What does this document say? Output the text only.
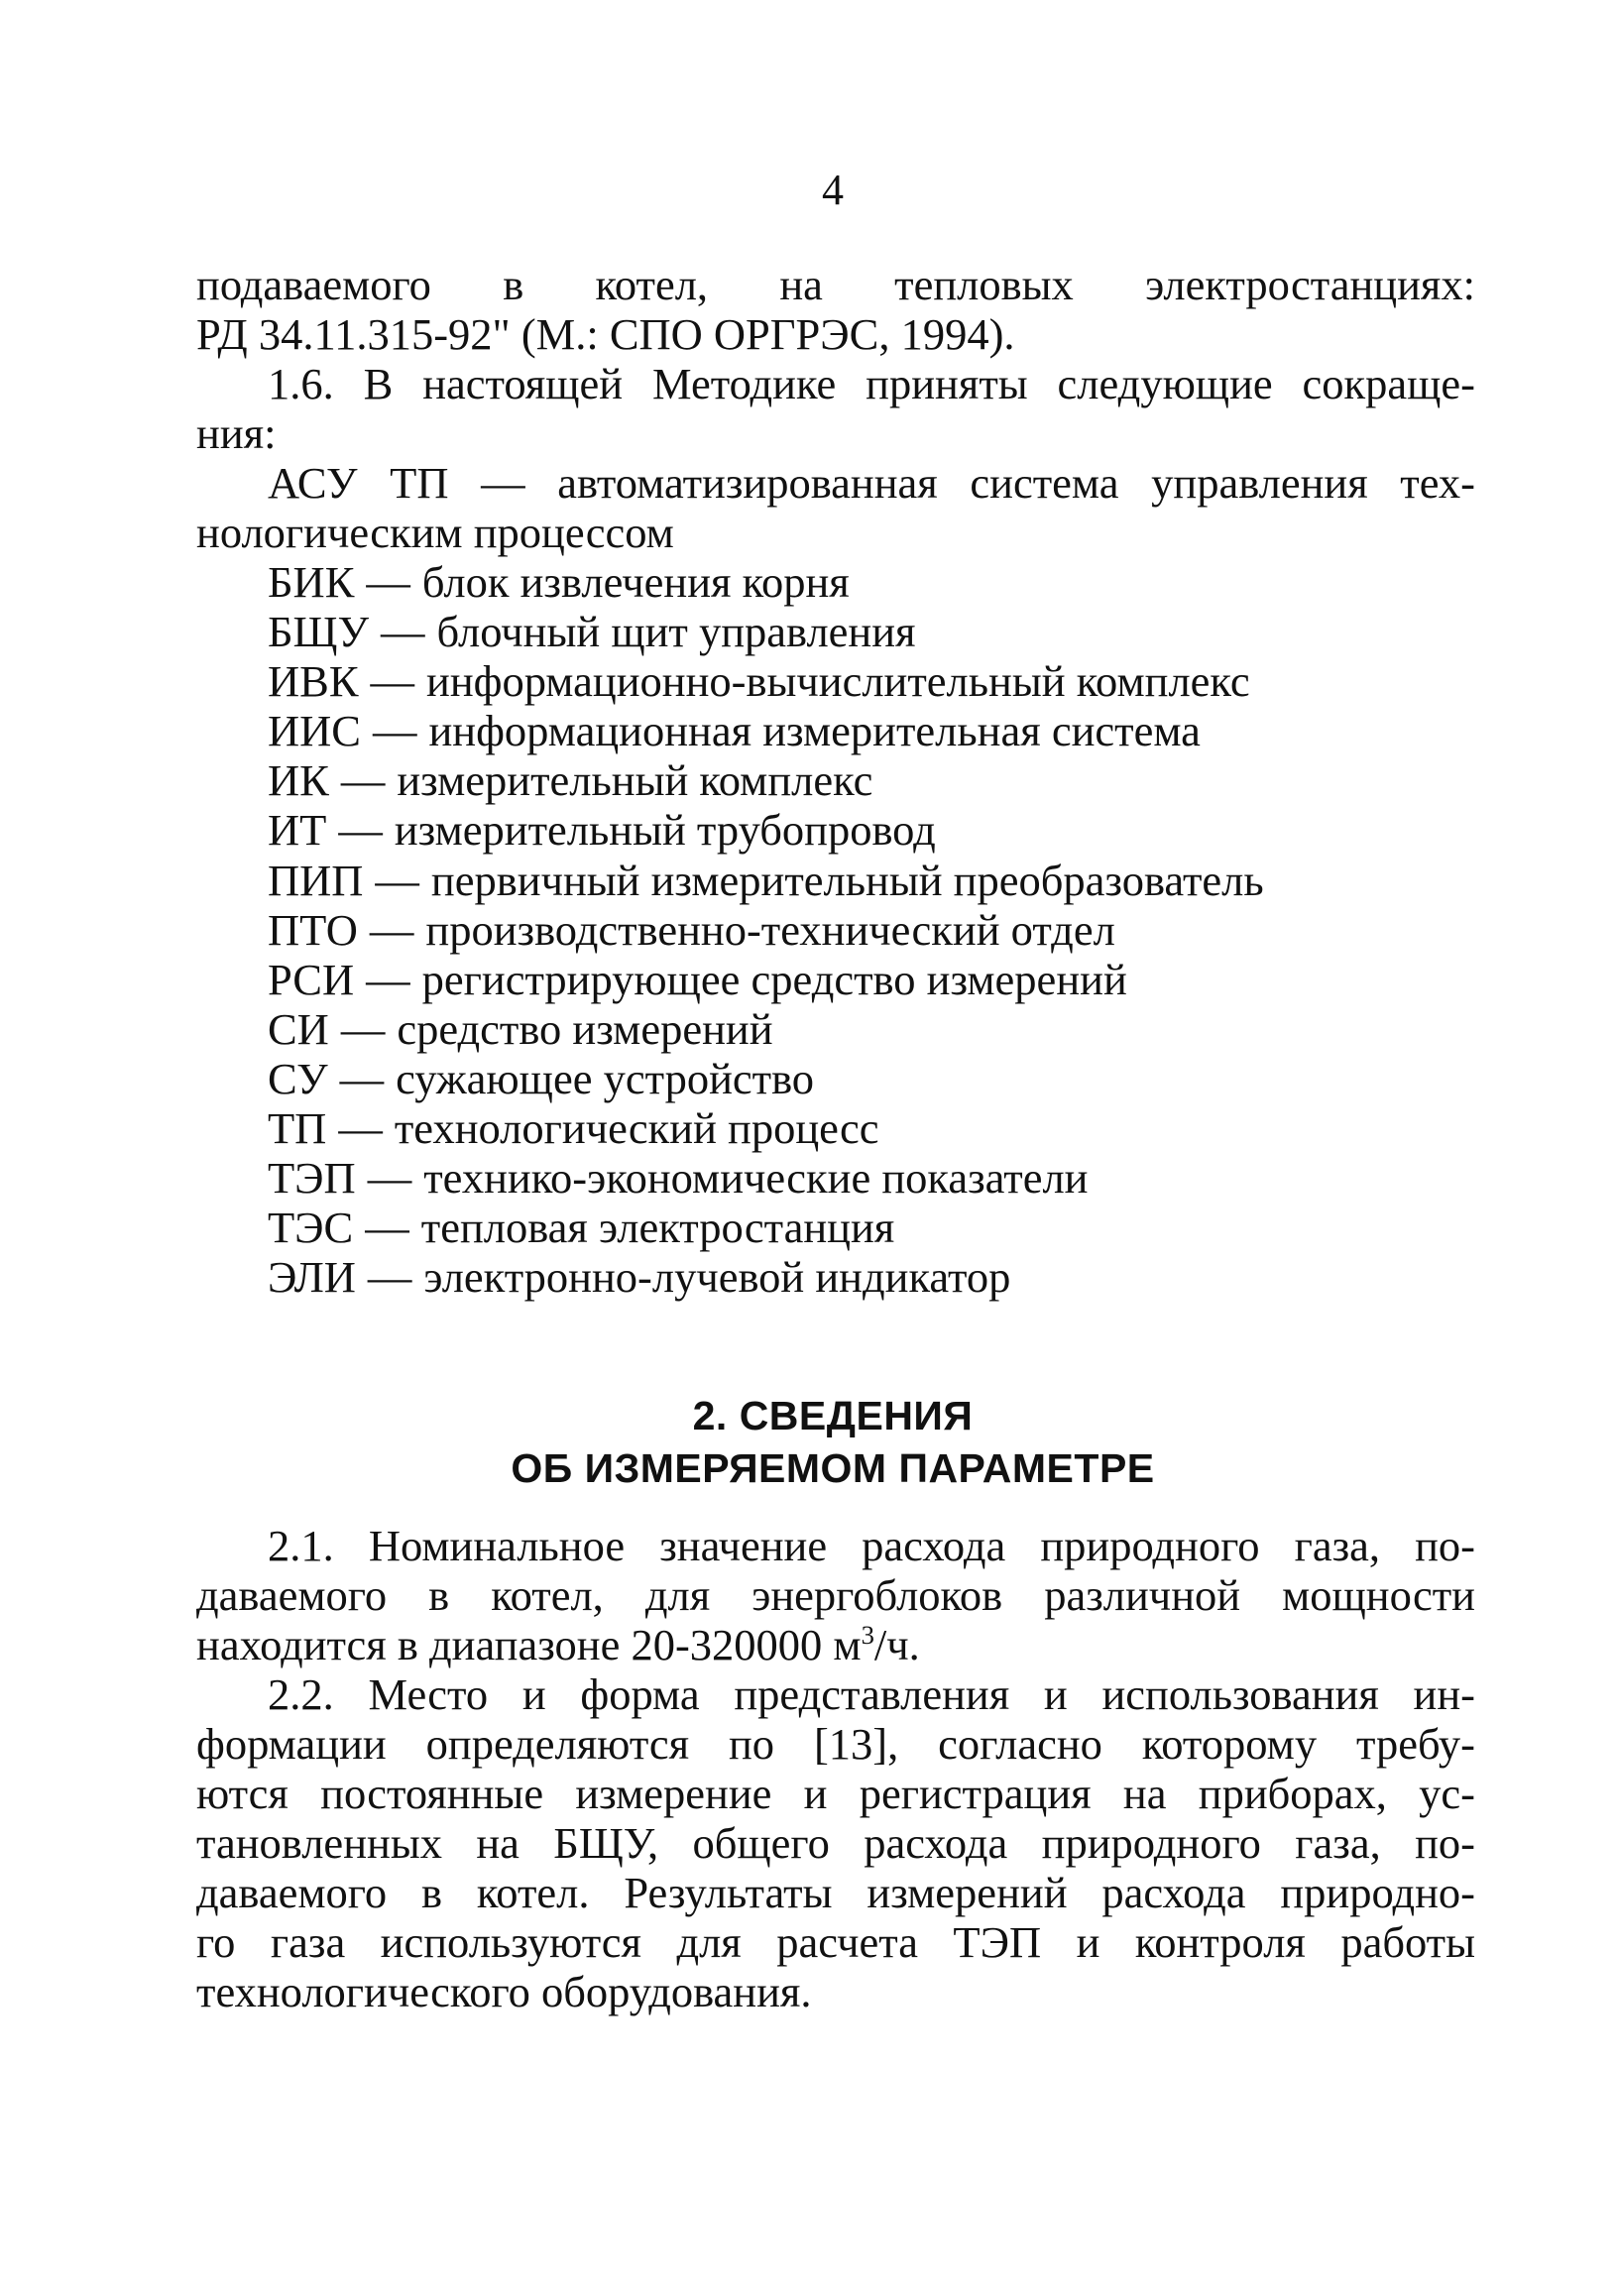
4

подаваемого в котел, на тепловых электростанциях:

РД 34.11.315-92" (М.: СПО ОРГРЭС, 1994).

1.6. В настоящей Методике приняты следующие сокраще-

ния:

АСУ ТП — автоматизированная система управления тех-

нологическим процессом

БИК — блок извлечения корня
БЩУ — блочный щит управления
ИВК — информационно-вычислительный комплекс
ИИС — информационная измерительная система
ИК — измерительный комплекс
ИТ — измерительный трубопровод
ПИП — первичный измерительный преобразователь
ПТО — производственно-технический отдел
РСИ — регистрирующее средство измерений
СИ — средство измерений
СУ — сужающее устройство
ТП — технологический процесс
ТЭП — технико-экономические показатели
ТЭС — тепловая электростанция
ЭЛИ — электронно-лучевой индикатор
2. СВЕДЕНИЯ
ОБ ИЗМЕРЯЕМОМ ПАРАМЕТРЕ

2.1. Номинальное значение расхода природного газа, по-

даваемого в котел, для энергоблоков различной мощности

находится в диапазоне 20-320000 $м^3/ч$.

2.2. Место и форма представления и использования ин-

формации определяются по [13], согласно которому требу-

ются постоянные измерение и регистрация на приборах, ус-

тановленных на БЩУ, общего расхода природного газа, по-

даваемого в котел. Результаты измерений расхода природно-

го газа используются для расчета ТЭП и контроля работы

технологического оборудования.
